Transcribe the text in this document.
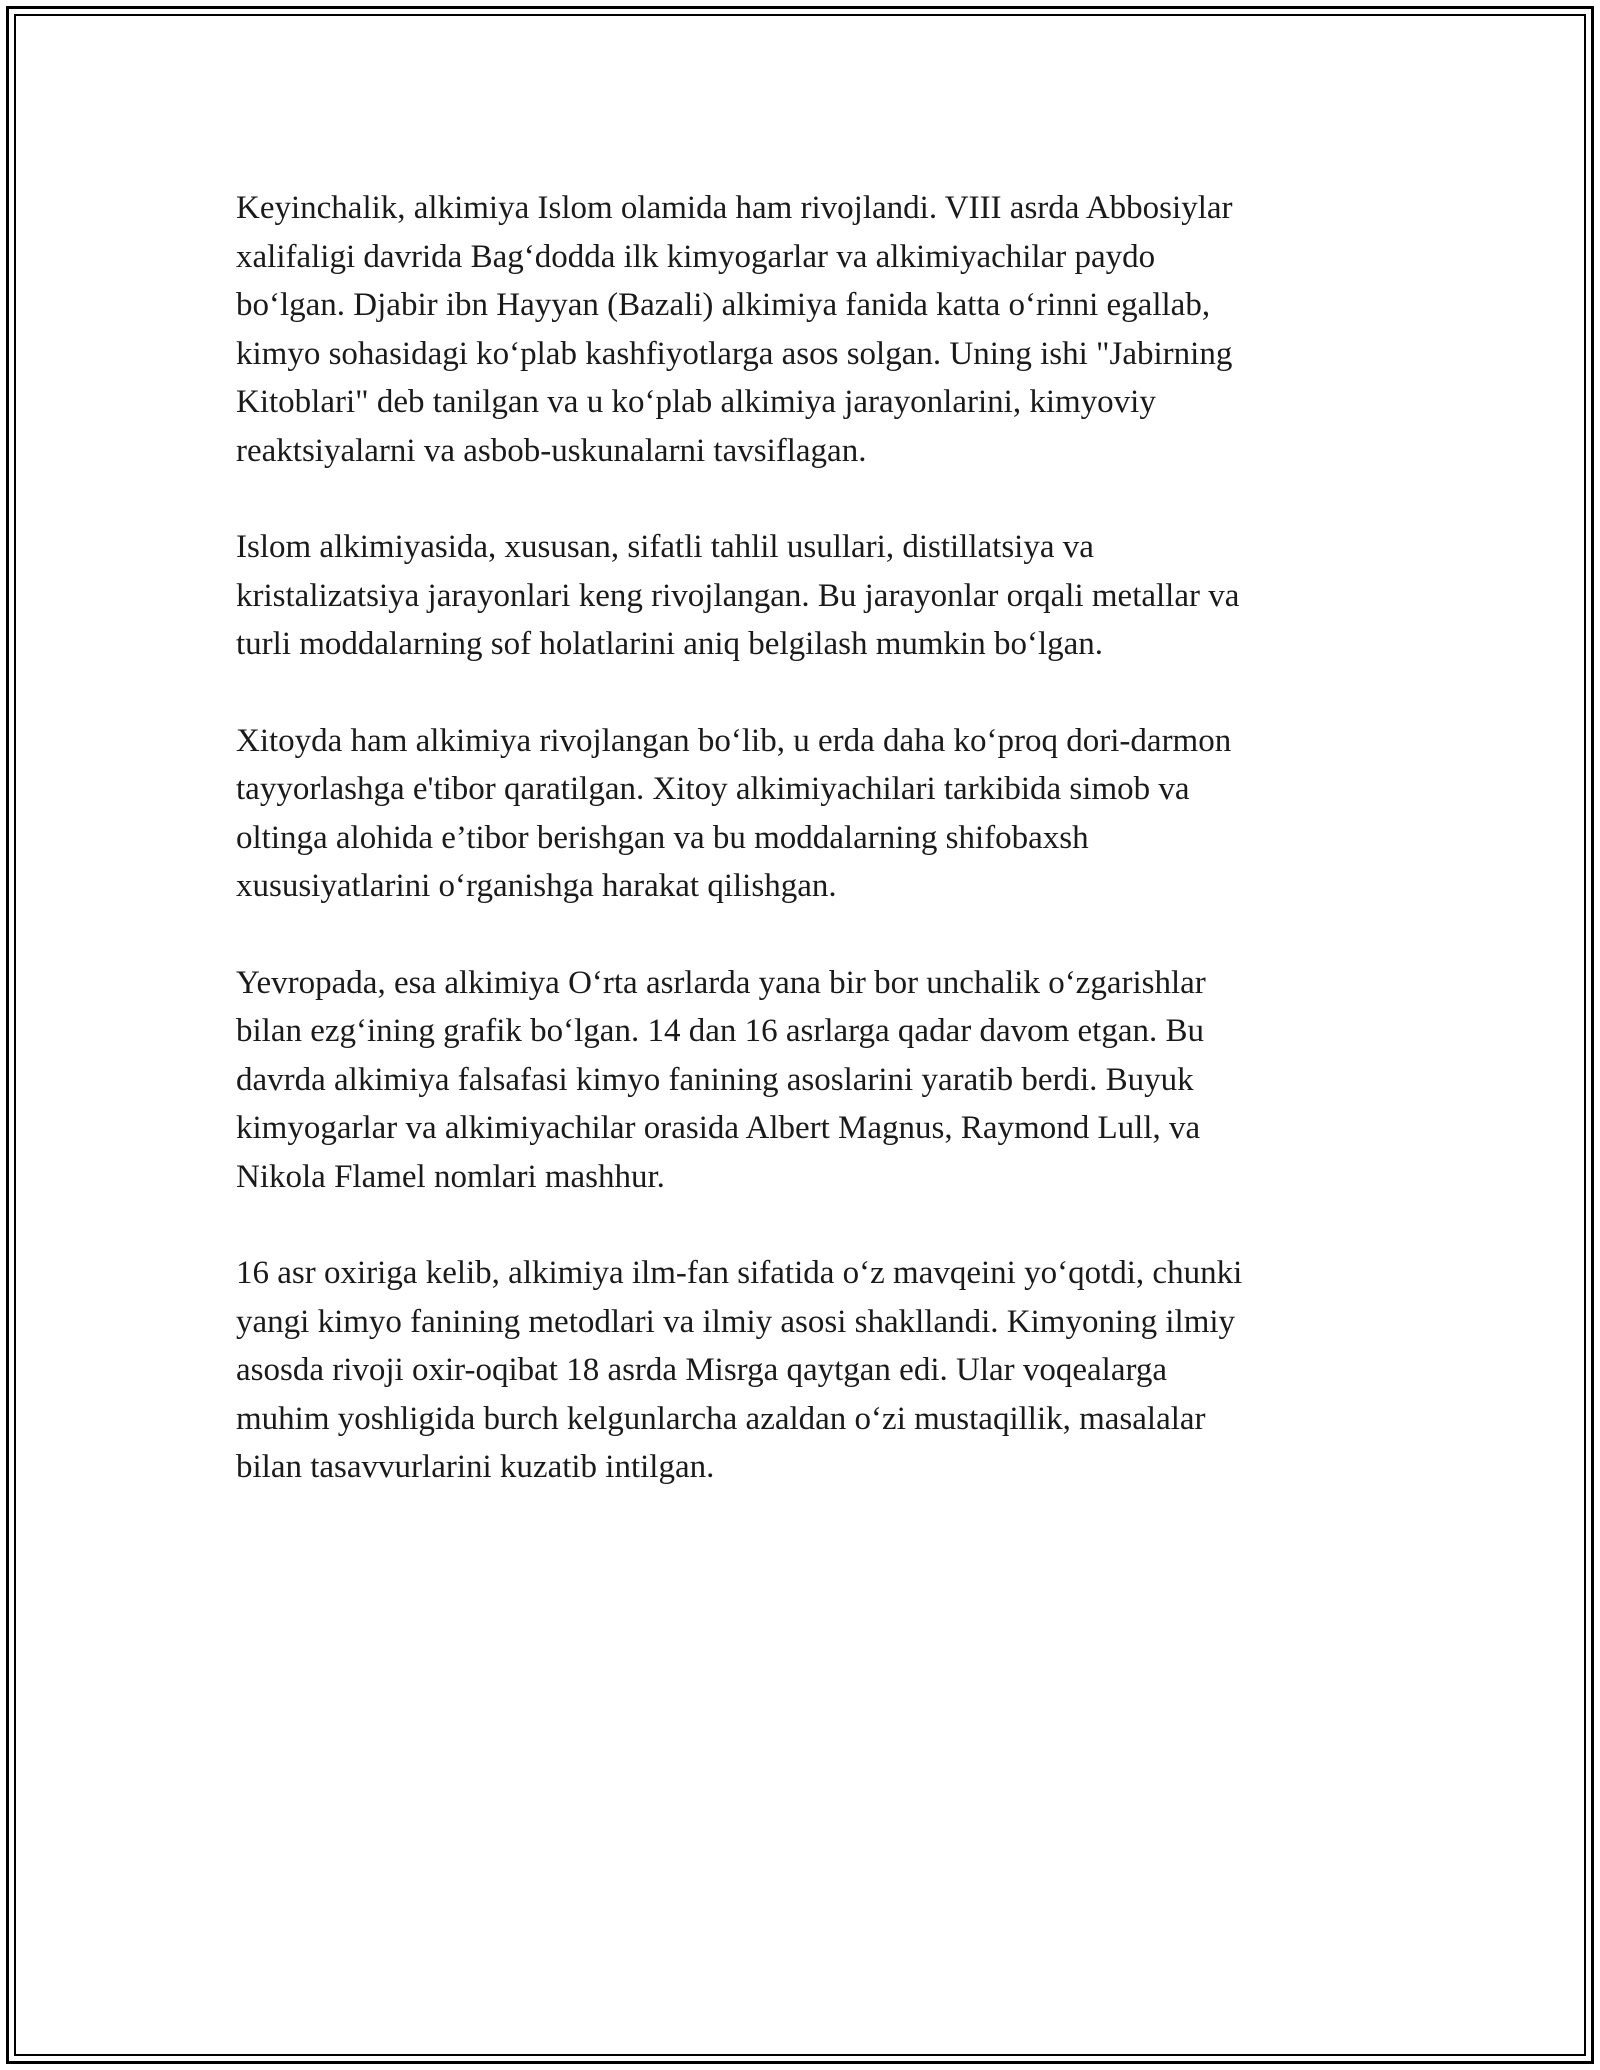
Keyinchalik, alkimiya Islom olamida ham rivojlandi. VIII asrda Abbosiylar
xalifaligi davrida Bag‘dodda ilk kimyogarlar va alkimiyachilar paydo
bo‘lgan. Djabir ibn Hayyan (Bazali) alkimiya fanida katta o‘rinni egallab,
kimyo sohasidagi ko‘plab kashfiyotlarga asos solgan. Uning ishi "Jabirning
Kitoblari" deb tanilgan va u ko‘plab alkimiya jarayonlarini, kimyoviy
reaktsiyalarni va asbob-uskunalarni tavsiflagan.

Islom alkimiyasida, xususan, sifatli tahlil usullari, distillatsiya va
kristalizatsiya jarayonlari keng rivojlangan. Bu jarayonlar orqali metallar va
turli moddalarning sof holatlarini aniq belgilash mumkin bo‘lgan.

Xitoyda ham alkimiya rivojlangan bo‘lib, u erda daha ko‘proq dori-darmon
tayyorlashga e'tibor qaratilgan. Xitoy alkimiyachilari tarkibida simob va
oltinga alohida e’tibor berishgan va bu moddalarning shifobaxsh
xususiyatlarini o‘rganishga harakat qilishgan.

Yevropada, esa alkimiya O‘rta asrlarda yana bir bor unchalik o‘zgarishlar
bilan ezg‘ining grafik bo‘lgan. 14 dan 16 asrlarga qadar davom etgan. Bu
davrda alkimiya falsafasi kimyo fanining asoslarini yaratib berdi. Buyuk
kimyogarlar va alkimiyachilar orasida Albert Magnus, Raymond Lull, va
Nikola Flamel nomlari mashhur.

16 asr oxiriga kelib, alkimiya ilm-fan sifatida o‘z mavqeini yo‘qotdi, chunki
yangi kimyo fanining metodlari va ilmiy asosi shakllandi. Kimyoning ilmiy
asosda rivoji oxir-oqibat 18 asrda Misrga qaytgan edi. Ular voqealarga
muhim yoshligida burch kelgunlarcha azaldan o‘zi mustaqillik, masalalar
bilan tasavvurlarini kuzatib intilgan.
